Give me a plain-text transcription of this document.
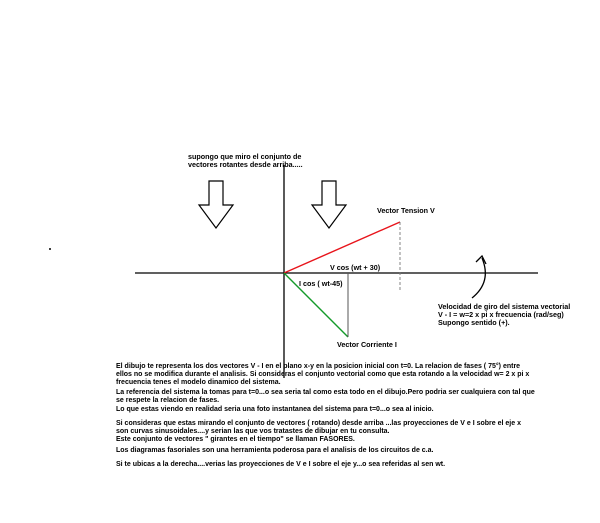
supongo que miro el conjunto de
vectores rotantes desde arriba.....
Vector Tension V
V cos (wt + 30)
I cos ( wt-45)
Vector Corriente I
Velocidad de giro del sistema vectorial
V - I = w=2 x pi x frecuencia (rad/seg)
Supongo sentido (+).
El dibujo te representa los dos vectores V - I en el plano x-y en la posicion inicial con t=0. La relacion de fases ( 75°) entre
ellos no se modifica durante el analisis. Si consideras el conjunto vectorial como que esta rotando a la velocidad w= 2 x pi x
frecuencia tenes el modelo dinamico del sistema.
La referencia del sistema la tomas para t=0...o sea seria tal como esta todo en el dibujo.Pero podria ser cualquiera con tal que
se respete la relacion de fases.
Lo que estas viendo en realidad seria una foto instantanea del sistema para t=0...o sea al inicio.
Si consideras que estas mirando el conjunto de vectores ( rotando) desde arriba ...las proyecciones de V e I sobre el eje x
son curvas sinusoidales....y serian las que vos tratastes de dibujar en tu consulta.
Este conjunto de vectores " girantes en el tiempo" se llaman FASORES.
Los diagramas fasoriales son una herramienta poderosa para el analisis de los circuitos de c.a.
Si te ubicas a la derecha....verias las proyecciones de V e I sobre el eje y...o sea referidas al sen wt.
